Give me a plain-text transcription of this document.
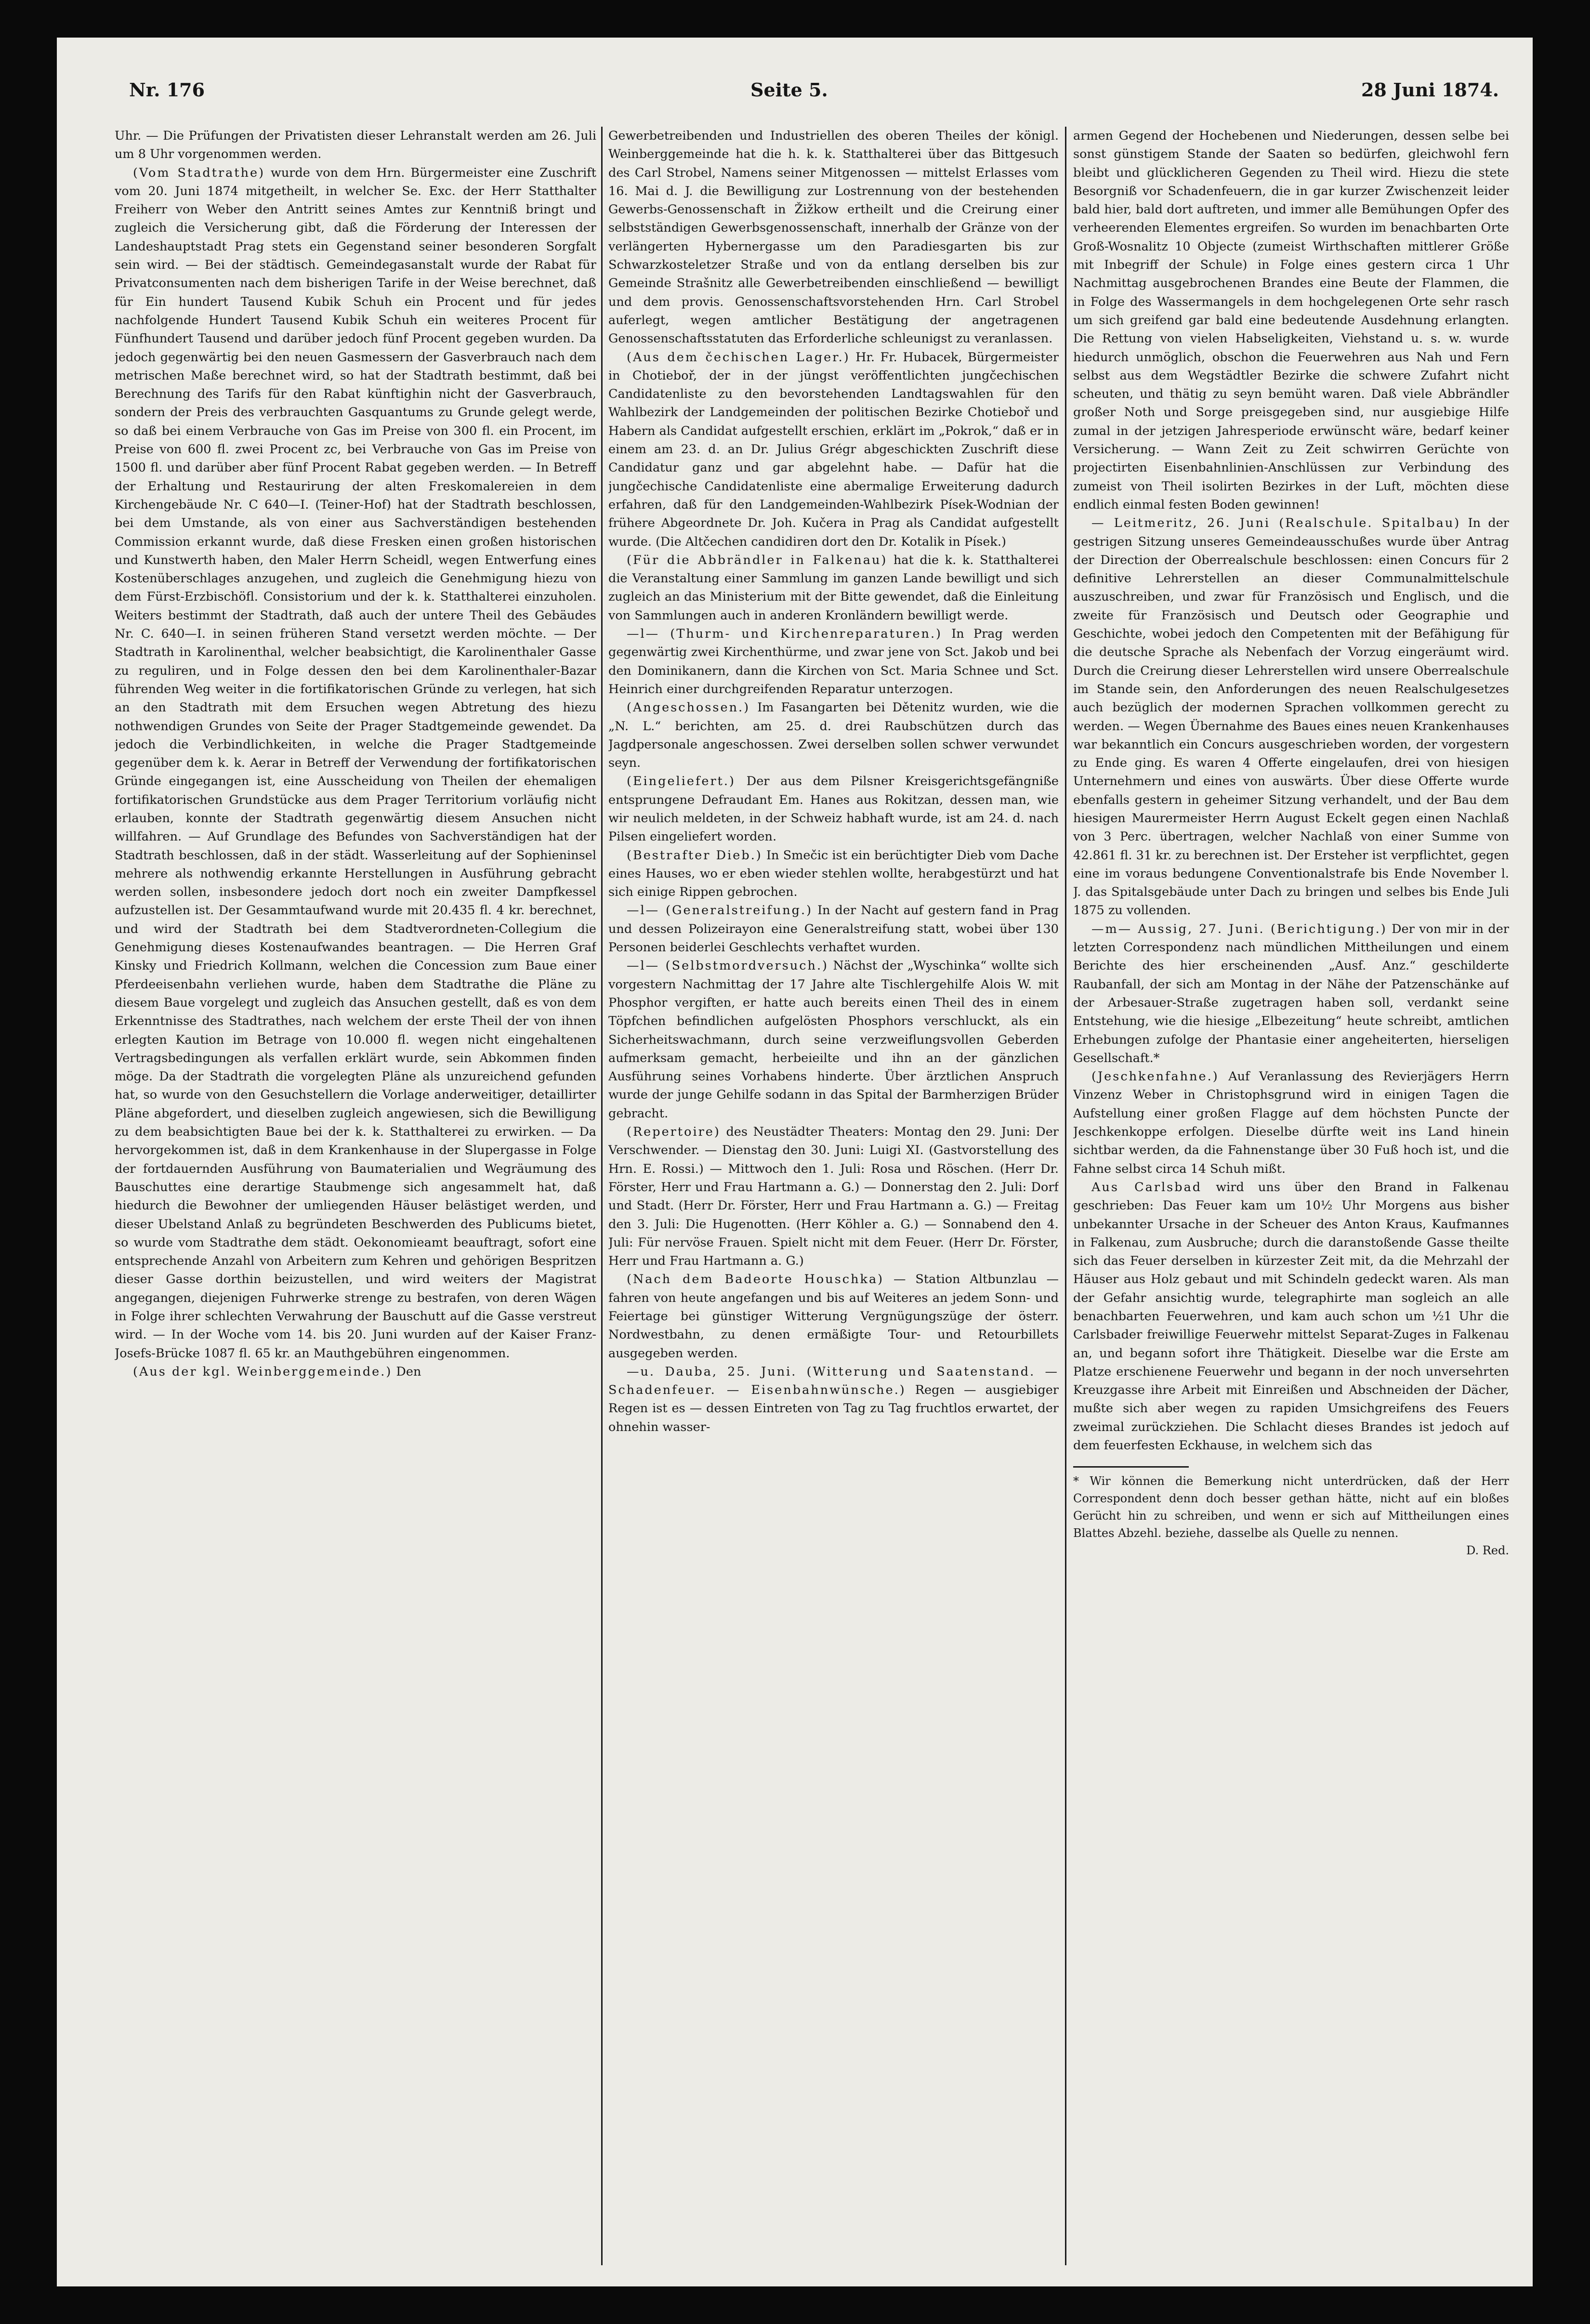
Nr. 176	Seite 5.	28 Juni 1874.

Uhr. — Die Prüfungen der Privatisten dieser Lehranstalt werden am 26. Juli um 8 Uhr vorgenommen werden.

(Vom Stadtrathe) wurde von dem Hrn. Bürgermeister eine Zuschrift vom 20. Juni 1874 mitgetheilt, in welcher Se. Exc. der Herr Statthalter Freiherr von Weber den Antritt seines Amtes zur Kenntniß bringt und zugleich die Versicherung gibt, daß die Förderung der Interessen der Landeshauptstadt Prag stets ein Gegenstand seiner besonderen Sorgfalt sein wird. — Bei der städtisch. Gemeindegasanstalt wurde der Rabat für Privatconsumenten nach dem bisherigen Tarife in der Weise berechnet, daß für Ein hundert Tausend Kubik Schuh ein Procent und für jedes nachfolgende Hundert Tausend Kubik Schuh ein weiteres Procent für Fünfhundert Tausend und darüber jedoch fünf Procent gegeben wurden. Da jedoch gegenwärtig bei den neuen Gasmessern der Gasverbrauch nach dem metrischen Maße berechnet wird, so hat der Stadtrath bestimmt, daß bei Berechnung des Tarifs für den Rabat künftighin nicht der Gasverbrauch, sondern der Preis des verbrauchten Gasquantums zu Grunde gelegt werde, so daß bei einem Verbrauche von Gas im Preise von 300 fl. ein Procent, im Preise von 600 fl. zwei Procent zc, bei Verbrauche von Gas im Preise von 1500 fl. und darüber aber fünf Procent Rabat gegeben werden. — In Betreff der Erhaltung und Restaurirung der alten Freskomalereien in dem Kirchengebäude Nr. C 640—I. (Teiner-Hof) hat der Stadtrath beschlossen, bei dem Umstande, als von einer aus Sachverständigen bestehenden Commission erkannt wurde, daß diese Fresken einen großen historischen und Kunstwerth haben, den Maler Herrn Scheidl, wegen Entwerfung eines Kostenüberschlages anzugehen, und zugleich die Genehmigung hiezu von dem Fürst-Erzbischöfl. Consistorium und der k. k. Statthalterei einzuholen. Weiters bestimmt der Stadtrath, daß auch der untere Theil des Gebäudes Nr. C. 640—I. in seinen früheren Stand versetzt werden möchte. — Der Stadtrath in Karolinenthal, welcher beabsichtigt, die Karolinenthaler Gasse zu reguliren, und in Folge dessen den bei dem Karolinenthaler-Bazar führenden Weg weiter in die fortifikatorischen Gründe zu verlegen, hat sich an den Stadtrath mit dem Ersuchen wegen Abtretung des hiezu nothwendigen Grundes von Seite der Prager Stadtgemeinde gewendet. Da jedoch die Verbindlichkeiten, in welche die Prager Stadtgemeinde gegenüber dem k. k. Aerar in Betreff der Verwendung der fortifikatorischen Gründe eingegangen ist, eine Ausscheidung von Theilen der ehemaligen fortifikatorischen Grundstücke aus dem Prager Territorium vorläufig nicht erlauben, konnte der Stadtrath gegenwärtig diesem Ansuchen nicht willfahren. — Auf Grundlage des Befundes von Sachverständigen hat der Stadtrath beschlossen, daß in der städt. Wasserleitung auf der Sophieninsel mehrere als nothwendig erkannte Herstellungen in Ausführung gebracht werden sollen, insbesondere jedoch dort noch ein zweiter Dampfkessel aufzustellen ist. Der Gesammtaufwand wurde mit 20.435 fl. 4 kr. berechnet, und wird der Stadtrath bei dem Stadtverordneten-Collegium die Genehmigung dieses Kostenaufwandes beantragen. — Die Herren Graf Kinsky und Friedrich Kollmann, welchen die Concession zum Baue einer Pferdeeisenbahn verliehen wurde, haben dem Stadtrathe die Pläne zu diesem Baue vorgelegt und zugleich das Ansuchen gestellt, daß es von dem Erkenntnisse des Stadtrathes, nach welchem der erste Theil der von ihnen erlegten Kaution im Betrage von 10.000 fl. wegen nicht eingehaltenen Vertragsbedingungen als verfallen erklärt wurde, sein Abkommen finden möge. Da der Stadtrath die vorgelegten Pläne als unzureichend gefunden hat, so wurde von den Gesuchstellern die Vorlage anderweitiger, detaillirter Pläne abgefordert, und dieselben zugleich angewiesen, sich die Bewilligung zu dem beabsichtigten Baue bei der k. k. Statthalterei zu erwirken. — Da hervorgekommen ist, daß in dem Krankenhause in der Slupergasse in Folge der fortdauernden Ausführung von Baumaterialien und Wegräumung des Bauschuttes eine derartige Staubmenge sich angesammelt hat, daß hiedurch die Bewohner der umliegenden Häuser belästiget werden, und dieser Ubelstand Anlaß zu begründeten Beschwerden des Publicums bietet, so wurde vom Stadtrathe dem städt. Oekonomieamt beauftragt, sofort eine entsprechende Anzahl von Arbeitern zum Kehren und gehörigen Bespritzen dieser Gasse dorthin beizustellen, und wird weiters der Magistrat angegangen, diejenigen Fuhrwerke strenge zu bestrafen, von deren Wägen in Folge ihrer schlechten Verwahrung der Bauschutt auf die Gasse verstreut wird. — In der Woche vom 14. bis 20. Juni wurden auf der Kaiser Franz-Josefs-Brücke 1087 fl. 65 kr. an Mauthgebühren eingenommen.

(Aus der kgl. Weinberggemeinde.) Den

Gewerbetreibenden und Industriellen des oberen Theiles der königl. Weinberggemeinde hat die h. k. k. Statthalterei über das Bittgesuch des Carl Strobel, Namens seiner Mitgenossen — mittelst Erlasses vom 16. Mai d. J. die Bewilligung zur Lostrennung von der bestehenden Gewerbs-Genossenschaft in Žižkow ertheilt und die Creirung einer selbstständigen Gewerbsgenossenschaft, innerhalb der Gränze von der verlängerten Hybernergasse um den Paradiesgarten bis zur Schwarzkosteletzer Straße und von da entlang derselben bis zur Gemeinde Strašnitz alle Gewerbetreibenden einschließend — bewilligt und dem provis. Genossenschaftsvorstehenden Hrn. Carl Strobel auferlegt, wegen amtlicher Bestätigung der angetragenen Genossenschaftsstatuten das Erforderliche schleunigst zu veranlassen.

(Aus dem čechischen Lager.) Hr. Fr. Hubacek, Bürgermeister in Chotieboř, der in der jüngst veröffentlichten jungčechischen Candidatenliste zu den bevorstehenden Landtagswahlen für den Wahlbezirk der Landgemeinden der politischen Bezirke Chotieboř und Habern als Candidat aufgestellt erschien, erklärt im „Pokrok,“ daß er in einem am 23. d. an Dr. Julius Grégr abgeschickten Zuschrift diese Candidatur ganz und gar abgelehnt habe. — Dafür hat die jungčechische Candidatenliste eine abermalige Erweiterung dadurch erfahren, daß für den Landgemeinden-Wahlbezirk Písek-Wodnian der frühere Abgeordnete Dr. Joh. Kučera in Prag als Candidat aufgestellt wurde. (Die Altčechen candidiren dort den Dr. Kotalik in Písek.)

(Für die Abbrändler in Falkenau) hat die k. k. Statthalterei die Veranstaltung einer Sammlung im ganzen Lande bewilligt und sich zugleich an das Ministerium mit der Bitte gewendet, daß die Einleitung von Sammlungen auch in anderen Kronländern bewilligt werde.

—l— (Thurm- und Kirchenreparaturen.) In Prag werden gegenwärtig zwei Kirchenthürme, und zwar jene von Sct. Jakob und bei den Dominikanern, dann die Kirchen von Sct. Maria Schnee und Sct. Heinrich einer durchgreifenden Reparatur unterzogen.

(Angeschossen.) Im Fasangarten bei Dětenitz wurden, wie die „N. L.“ berichten, am 25. d. drei Raubschützen durch das Jagdpersonale angeschossen. Zwei derselben sollen schwer verwundet seyn.

(Eingeliefert.) Der aus dem Pilsner Kreisgerichtsgefängniße entsprungene Defraudant Em. Hanes aus Rokitzan, dessen man, wie wir neulich meldeten, in der Schweiz habhaft wurde, ist am 24. d. nach Pilsen eingeliefert worden.

(Bestrafter Dieb.) In Smečic ist ein berüchtigter Dieb vom Dache eines Hauses, wo er eben wieder stehlen wollte, herabgestürzt und hat sich einige Rippen gebrochen.

—l— (Generalstreifung.) In der Nacht auf gestern fand in Prag und dessen Polizeirayon eine Generalstreifung statt, wobei über 130 Personen beiderlei Geschlechts verhaftet wurden.

—l— (Selbstmordversuch.) Nächst der „Wyschinka“ wollte sich vorgestern Nachmittag der 17 Jahre alte Tischlergehilfe Alois W. mit Phosphor vergiften, er hatte auch bereits einen Theil des in einem Töpfchen befindlichen aufgelösten Phosphors verschluckt, als ein Sicherheitswachmann, durch seine verzweiflungsvollen Geberden aufmerksam gemacht, herbeieilte und ihn an der gänzlichen Ausführung seines Vorhabens hinderte. Über ärztlichen Anspruch wurde der junge Gehilfe sodann in das Spital der Barmherzigen Brüder gebracht.

(Repertoire) des Neustädter Theaters: Montag den 29. Juni: Der Verschwender. — Dienstag den 30. Juni: Luigi XI. (Gastvorstellung des Hrn. E. Rossi.) — Mittwoch den 1. Juli: Rosa und Röschen. (Herr Dr. Förster, Herr und Frau Hartmann a. G.) — Donnerstag den 2. Juli: Dorf und Stadt. (Herr Dr. Förster, Herr und Frau Hartmann a. G.) — Freitag den 3. Juli: Die Hugenotten. (Herr Köhler a. G.) — Sonnabend den 4. Juli: Für nervöse Frauen. Spielt nicht mit dem Feuer. (Herr Dr. Förster, Herr und Frau Hartmann a. G.)

(Nach dem Badeorte Houschka) — Station Altbunzlau — fahren von heute angefangen und bis auf Weiteres an jedem Sonn- und Feiertage bei günstiger Witterung Vergnügungszüge der österr. Nordwestbahn, zu denen ermäßigte Tour- und Retourbillets ausgegeben werden.

—u. Dauba, 25. Juni. (Witterung und Saatenstand. — Schadenfeuer. — Eisenbahnwünsche.) Regen — ausgiebiger Regen ist es — dessen Eintreten von Tag zu Tag fruchtlos erwartet, der ohnehin wasser-

armen Gegend der Hochebenen und Niederungen, dessen selbe bei sonst günstigem Stande der Saaten so bedürfen, gleichwohl fern bleibt und glücklicheren Gegenden zu Theil wird. Hiezu die stete Besorgniß vor Schadenfeuern, die in gar kurzer Zwischenzeit leider bald hier, bald dort auftreten, und immer alle Bemühungen Opfer des verheerenden Elementes ergreifen. So wurden im benachbarten Orte Groß-Wosnalitz 10 Objecte (zumeist Wirthschaften mittlerer Größe mit Inbegriff der Schule) in Folge eines gestern circa 1 Uhr Nachmittag ausgebrochenen Brandes eine Beute der Flammen, die in Folge des Wassermangels in dem hochgelegenen Orte sehr rasch um sich greifend gar bald eine bedeutende Ausdehnung erlangten. Die Rettung von vielen Habseligkeiten, Viehstand u. s. w. wurde hiedurch unmöglich, obschon die Feuerwehren aus Nah und Fern selbst aus dem Wegstädtler Bezirke die schwere Zufahrt nicht scheuten, und thätig zu seyn bemüht waren. Daß viele Abbrändler großer Noth und Sorge preisgegeben sind, nur ausgiebige Hilfe zumal in der jetzigen Jahresperiode erwünscht wäre, bedarf keiner Versicherung. — Wann Zeit zu Zeit schwirren Gerüchte von projectirten Eisenbahnlinien-Anschlüssen zur Verbindung des zumeist von Theil isolirten Bezirkes in der Luft, möchten diese endlich einmal festen Boden gewinnen!

— Leitmeritz, 26. Juni (Realschule. Spitalbau) In der gestrigen Sitzung unseres Gemeindeausschußes wurde über Antrag der Direction der Oberrealschule beschlossen: einen Concurs für 2 definitive Lehrerstellen an dieser Communalmittelschule auszuschreiben, und zwar für Französisch und Englisch, und die zweite für Französisch und Deutsch oder Geographie und Geschichte, wobei jedoch den Competenten mit der Befähigung für die deutsche Sprache als Nebenfach der Vorzug eingeräumt wird. Durch die Creirung dieser Lehrerstellen wird unsere Oberrealschule im Stande sein, den Anforderungen des neuen Realschulgesetzes auch bezüglich der modernen Sprachen vollkommen gerecht zu werden. — Wegen Übernahme des Baues eines neuen Krankenhauses war bekanntlich ein Concurs ausgeschrieben worden, der vorgestern zu Ende ging. Es waren 4 Offerte eingelaufen, drei von hiesigen Unternehmern und eines von auswärts. Über diese Offerte wurde ebenfalls gestern in geheimer Sitzung verhandelt, und der Bau dem hiesigen Maurermeister Herrn August Eckelt gegen einen Nachlaß von 3 Perc. übertragen, welcher Nachlaß von einer Summe von 42.861 fl. 31 kr. zu berechnen ist. Der Ersteher ist verpflichtet, gegen eine im voraus bedungene Conventionalstrafe bis Ende November l. J. das Spitalsgebäude unter Dach zu bringen und selbes bis Ende Juli 1875 zu vollenden.

—m— Aussig, 27. Juni. (Berichtigung.) Der von mir in der letzten Correspondenz nach mündlichen Mittheilungen und einem Berichte des hier erscheinenden „Ausf. Anz.“ geschilderte Raubanfall, der sich am Montag in der Nähe der Patzenschänke auf der Arbesauer-Straße zugetragen haben soll, verdankt seine Entstehung, wie die hiesige „Elbezeitung“ heute schreibt, amtlichen Erhebungen zufolge der Phantasie einer angeheiterten, hierseligen Gesellschaft.*

(Jeschkenfahne.) Auf Veranlassung des Revierjägers Herrn Vinzenz Weber in Christophsgrund wird in einigen Tagen die Aufstellung einer großen Flagge auf dem höchsten Puncte der Jeschkenkoppe erfolgen. Dieselbe dürfte weit ins Land hinein sichtbar werden, da die Fahnenstange über 30 Fuß hoch ist, und die Fahne selbst circa 14 Schuh mißt.

Aus Carlsbad wird uns über den Brand in Falkenau geschrieben: Das Feuer kam um 10½ Uhr Morgens aus bisher unbekannter Ursache in der Scheuer des Anton Kraus, Kaufmannes in Falkenau, zum Ausbruche; durch die daranstoßende Gasse theilte sich das Feuer derselben in kürzester Zeit mit, da die Mehrzahl der Häuser aus Holz gebaut und mit Schindeln gedeckt waren. Als man der Gefahr ansichtig wurde, telegraphirte man sogleich an alle benachbarten Feuerwehren, und kam auch schon um ½1 Uhr die Carlsbader freiwillige Feuerwehr mittelst Separat-Zuges in Falkenau an, und begann sofort ihre Thätigkeit. Dieselbe war die Erste am Platze erschienene Feuerwehr und begann in der noch unversehrten Kreuzgasse ihre Arbeit mit Einreißen und Abschneiden der Dächer, mußte sich aber wegen zu rapiden Umsichgreifens des Feuers zweimal zurückziehen. Die Schlacht dieses Brandes ist jedoch auf dem feuerfesten Eckhause, in welchem sich das

* Wir können die Bemerkung nicht unterdrücken, daß der Herr Correspondent denn doch besser gethan hätte, nicht auf ein bloßes Gerücht hin zu schreiben, und wenn er sich auf Mittheilungen eines Blattes Abzehl. beziehe, dasselbe als Quelle zu nennen.
D. Red.
